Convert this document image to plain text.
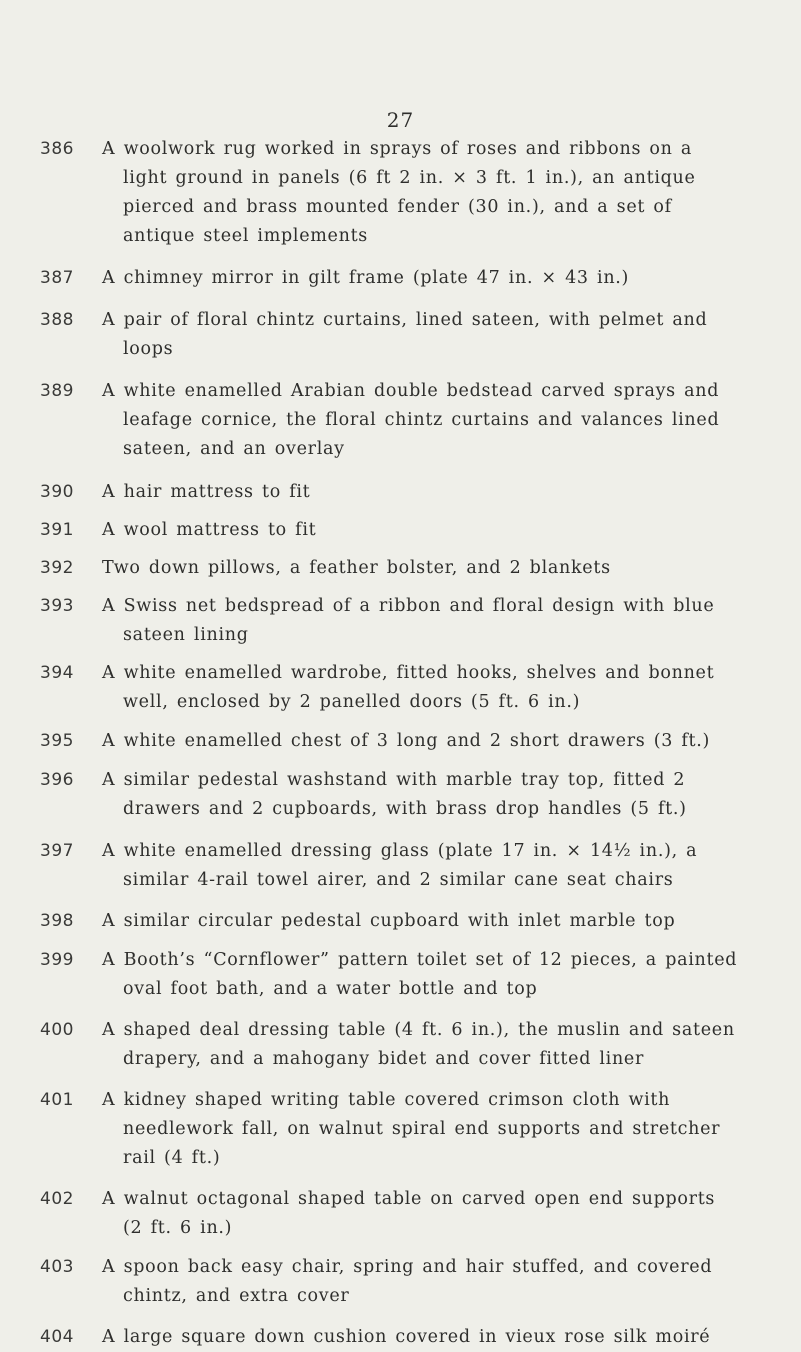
27
386	A woolwork rug worked in sprays of roses and ribbons on a light ground in panels (6 ft 2 in. × 3 ft. 1 in.), an antique pierced and brass mounted fender (30 in.), and a set of antique steel implements
387	A chimney mirror in gilt frame (plate 47 in. × 43 in.)
388	A pair of floral chintz curtains, lined sateen, with pelmet and loops
389	A white enamelled Arabian double bedstead carved sprays and leafage cornice, the floral chintz curtains and valances lined sateen, and an overlay
390	A hair mattress to fit
391	A wool mattress to fit
392	Two down pillows, a feather bolster, and 2 blankets
393	A Swiss net bedspread of a ribbon and floral design with blue sateen lining
394	A white enamelled wardrobe, fitted hooks, shelves and bonnet well, enclosed by 2 panelled doors (5 ft. 6 in.)
395	A white enamelled chest of 3 long and 2 short drawers (3 ft.)
396	A similar pedestal washstand with marble tray top, fitted 2 drawers and 2 cupboards, with brass drop handles (5 ft.)
397	A white enamelled dressing glass (plate 17 in. × 14½ in.), a similar 4-rail towel airer, and 2 similar cane seat chairs
398	A similar circular pedestal cupboard with inlet marble top
399	A Booth’s “Cornflower” pattern toilet set of 12 pieces, a painted oval foot bath, and a water bottle and top
400	A shaped deal dressing table (4 ft. 6 in.), the muslin and sateen drapery, and a mahogany bidet and cover fitted liner
401	A kidney shaped writing table covered crimson cloth with needlework fall, on walnut spiral end supports and stretcher rail (4 ft.)
402	A walnut octagonal shaped table on carved open end supports (2 ft. 6 in.)
403	A spoon back easy chair, spring and hair stuffed, and covered chintz, and extra cover
404	A large square down cushion covered in vieux rose silk moiré
